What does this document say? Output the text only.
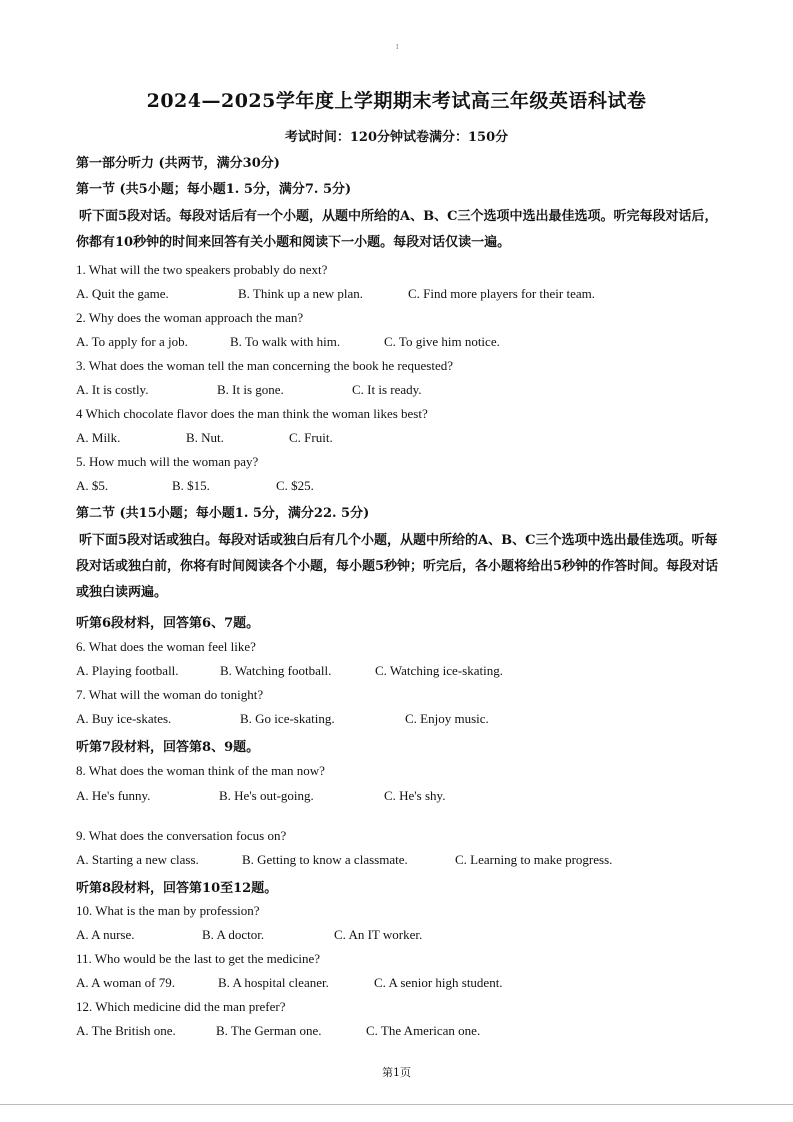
I
2024—2025学年度上学期期末考试高三年级英语科试卷
考试时间：120分钟试卷满分：150分
第一部分听力 (共两节，满分30分)
第一节 (共5小题；每小题1. 5分，满分7. 5分)
听下面5段对话。每段对话后有一个小题，从题中所给的A、B、C三个选项中选出最佳选项。听完每段对话后，你都有10秒钟的时间来回答有关小题和阅读下一小题。每段对话仅读一遍。
1. What will the two speakers probably do next?
A. Quit the game.	B. Think up a new plan.	C. Find more players for their team.
2. Why does the woman approach the man?
A. To apply for a job.	B. To walk with him.	C. To give him notice.
3. What does the woman tell the man concerning the book he requested?
A. It is costly.	B. It is gone.	C. It is ready.
4 Which chocolate flavor does the man think the woman likes best?
A. Milk.	B. Nut.	C. Fruit.
5. How much will the woman pay?
A. $5.	B. $15.	C. $25.
第二节 (共15小题；每小题1. 5分，满分22. 5分)
听下面5段对话或独白。每段对话或独白后有几个小题，从题中所给的A、B、C三个选项中选出最佳选项。听每段对话或独白前，你将有时间阅读各个小题，每小题5秒钟；听完后，各小题将给出5秒钟的作答时间。每段对话或独白读两遍。
听第6段材料，回答第6、7题。
6. What does the woman feel like?
A. Playing football.	B. Watching football.	C. Watching ice-skating.
7. What will the woman do tonight?
A. Buy ice-skates.	B. Go ice-skating.	C. Enjoy music.
听第7段材料，回答第8、9题。
8. What does the woman think of the man now?
A. He's funny.	B. He's out-going.	C. He's shy.
9. What does the conversation focus on?
A. Starting a new class.	B. Getting to know a classmate.	C. Learning to make progress.
听第8段材料，回答第10至12题。
10. What is the man by profession?
A. A nurse.	B. A doctor.	C. An IT worker.
11. Who would be the last to get the medicine?
A. A woman of 79.	B. A hospital cleaner.	C. A senior high student.
12. Which medicine did the man prefer?
A. The British one.	B. The German one.	C. The American one.
第1页
